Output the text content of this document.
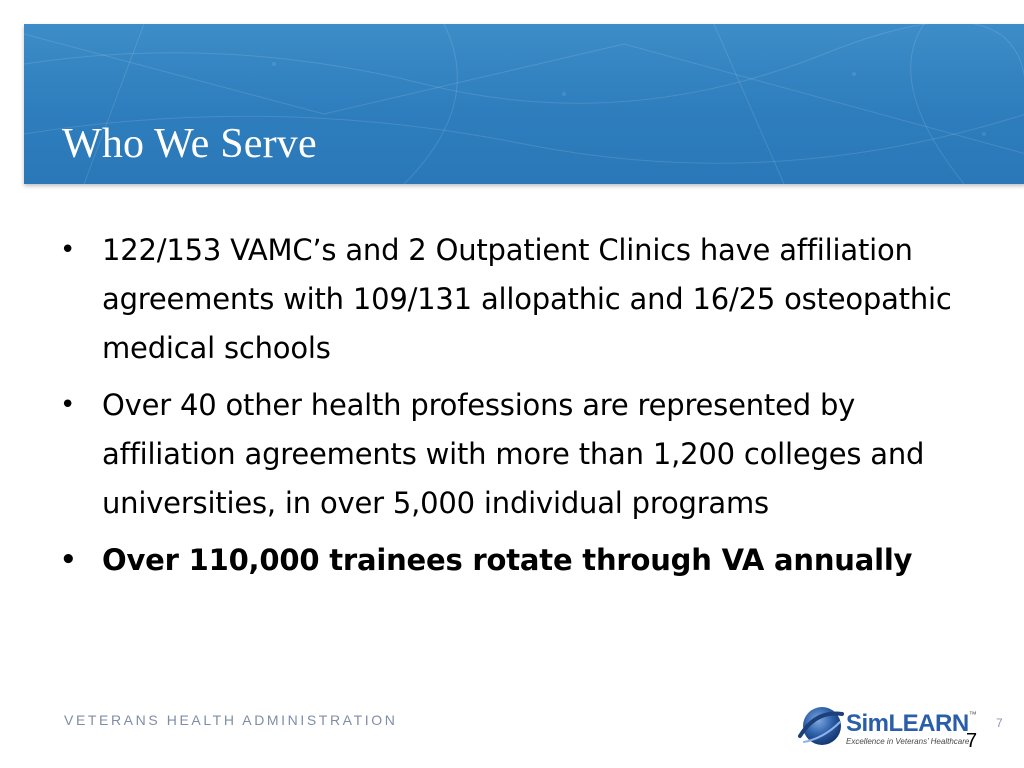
Who We Serve
• 122/153 VAMC’s and 2 Outpatient Clinics have affiliation agreements with 109/131 allopathic and 16/25 osteopathic medical schools
• Over 40 other health professions are represented by affiliation agreements with more than 1,200 colleges and universities, in over 5,000 individual programs
• Over 110,000 trainees rotate through VA annually
VETERANS HEALTH ADMINISTRATION	SimLEARN™
Excellence in Veterans’ Healthcare
7
7
